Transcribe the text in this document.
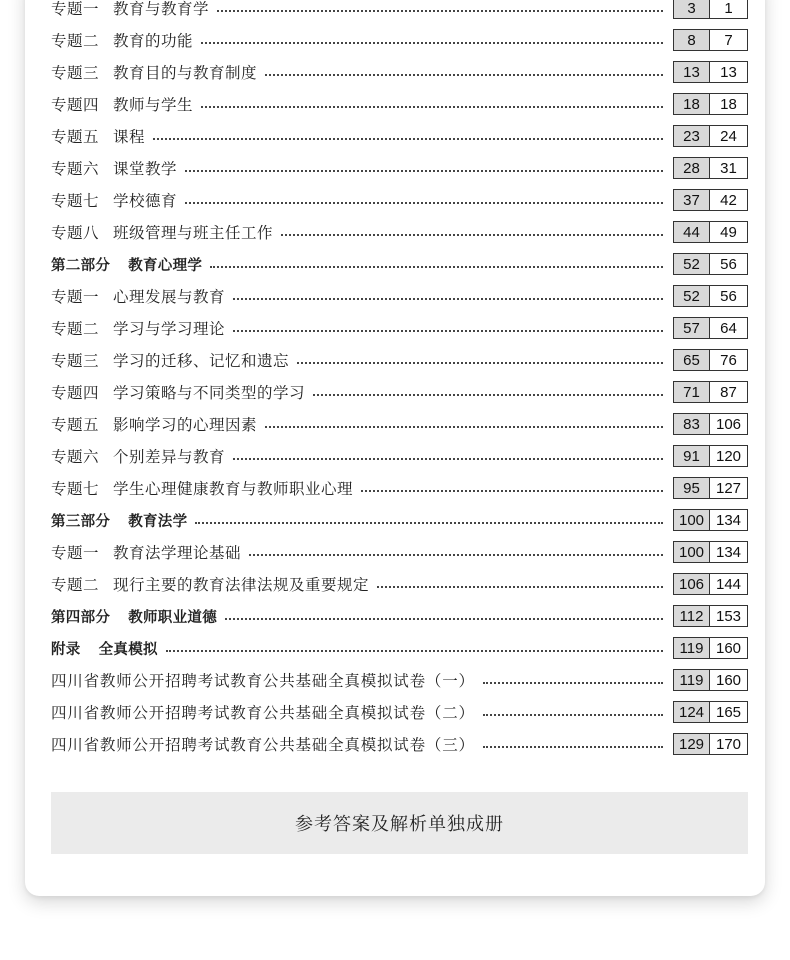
专题一 教育与教育学	3	1
专题二 教育的功能	8	7
专题三 教育目的与教育制度	13	13
专题四 教师与学生	18	18
专题五 课程	23	24
专题六 课堂教学	28	31
专题七 学校德育	37	42
专题八 班级管理与班主任工作	44	49
第二部分 教育心理学	52	56
专题一 心理发展与教育	52	56
专题二 学习与学习理论	57	64
专题三 学习的迁移、记忆和遗忘	65	76
专题四 学习策略与不同类型的学习	71	87
专题五 影响学习的心理因素	83	106
专题六 个别差异与教育	91	120
专题七 学生心理健康教育与教师职业心理	95	127
第三部分 教育法学	100 134
专题一 教育法学理论基础	100 134
专题二 现行主要的教育法律法规及重要规定	106 144
第四部分 教师职业道德	112 153
附录 全真模拟	119 160
四川省教师公开招聘考试教育公共基础全真模拟试卷（一）	119 160
四川省教师公开招聘考试教育公共基础全真模拟试卷（二）	124 165
四川省教师公开招聘考试教育公共基础全真模拟试卷（三）	129 170
参考答案及解析单独成册
